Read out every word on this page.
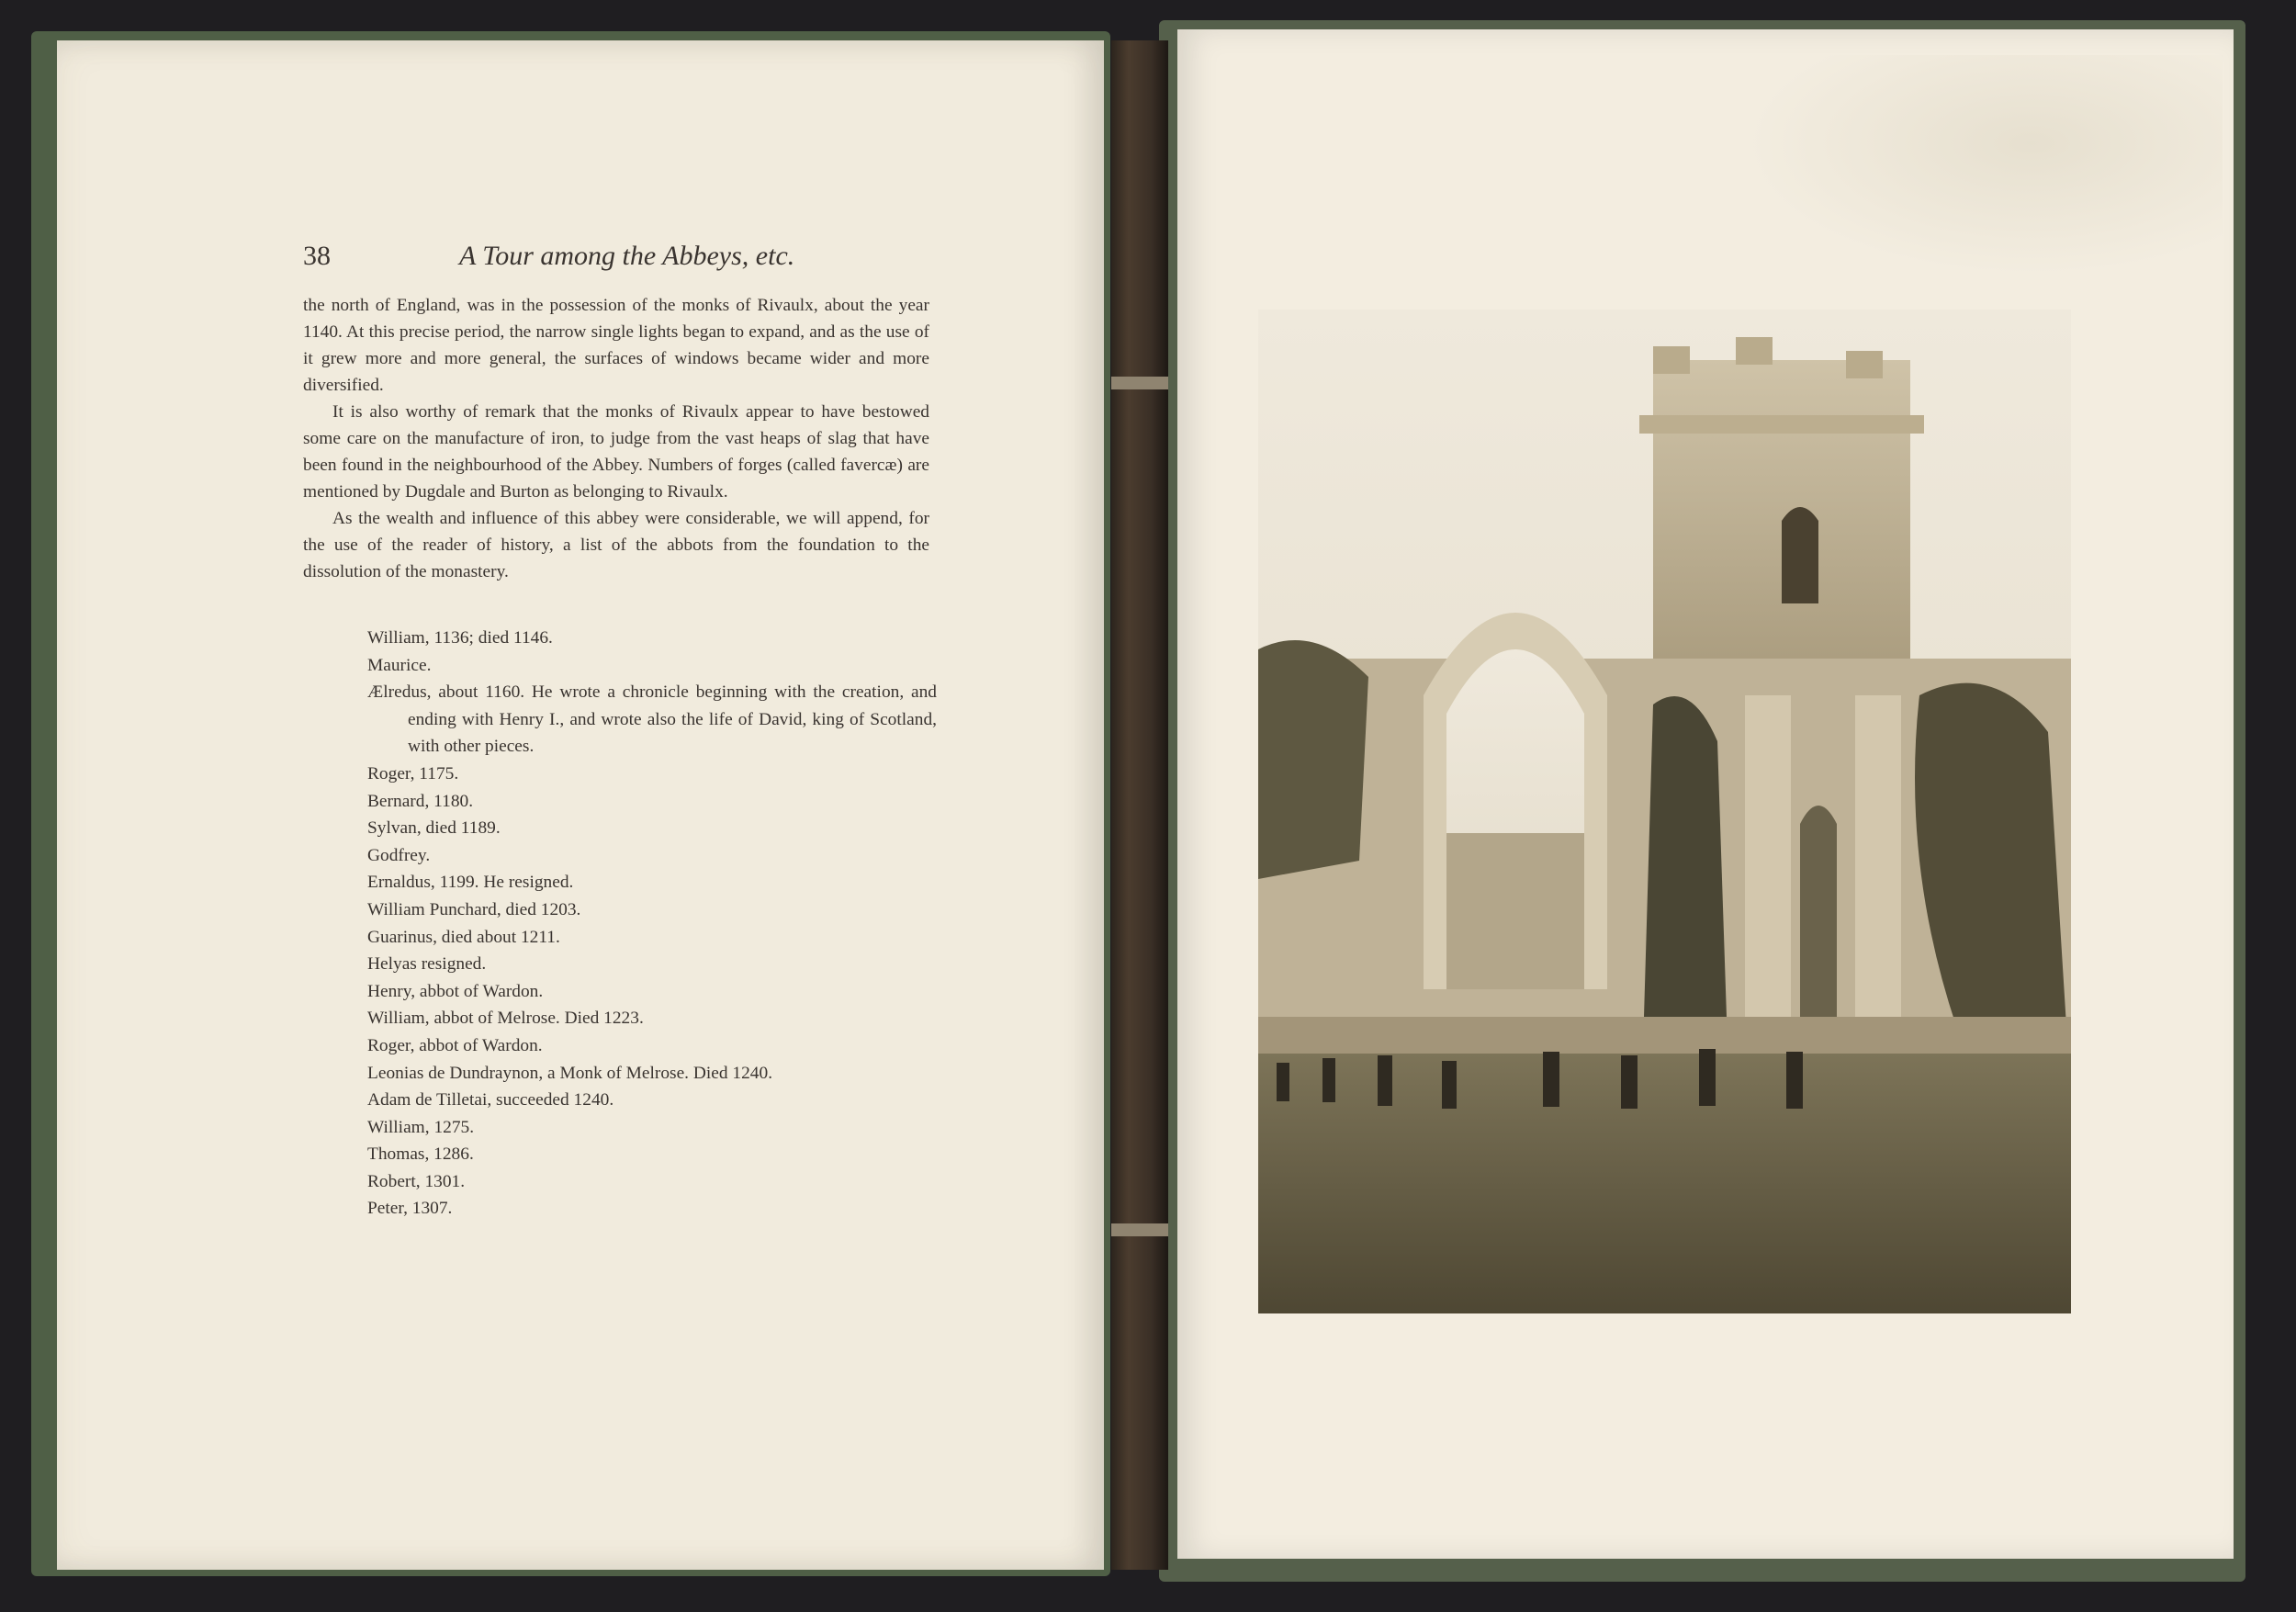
38	A Tour among the Abbeys, etc.

the north of England, was in the possession of the monks of Rivaulx, about the year 1140. At this precise period, the narrow single lights began to expand, and as the use of it grew more and more general, the surfaces of windows became wider and more diversified.

It is also worthy of remark that the monks of Rivaulx appear to have bestowed some care on the manufacture of iron, to judge from the vast heaps of slag that have been found in the neighbourhood of the Abbey. Numbers of forges (called favercæ) are mentioned by Dugdale and Burton as belonging to Rivaulx.

As the wealth and influence of this abbey were considerable, we will append, for the use of the reader of history, a list of the abbots from the foundation to the dissolution of the monastery.

William, 1136; died 1146.
Maurice.
Ælredus, about 1160. He wrote a chronicle beginning with the creation, and ending with Henry I., and wrote also the life of David, king of Scotland, with other pieces.
Roger, 1175.
Bernard, 1180.
Sylvan, died 1189.
Godfrey.
Ernaldus, 1199. He resigned.
William Punchard, died 1203.
Guarinus, died about 1211.
Helyas resigned.
Henry, abbot of Wardon.
William, abbot of Melrose. Died 1223.
Roger, abbot of Wardon.
Leonias de Dundraynon, a Monk of Melrose. Died 1240.
Adam de Tilletai, succeeded 1240.
William, 1275.
Thomas, 1286.
Robert, 1301.
Peter, 1307.
